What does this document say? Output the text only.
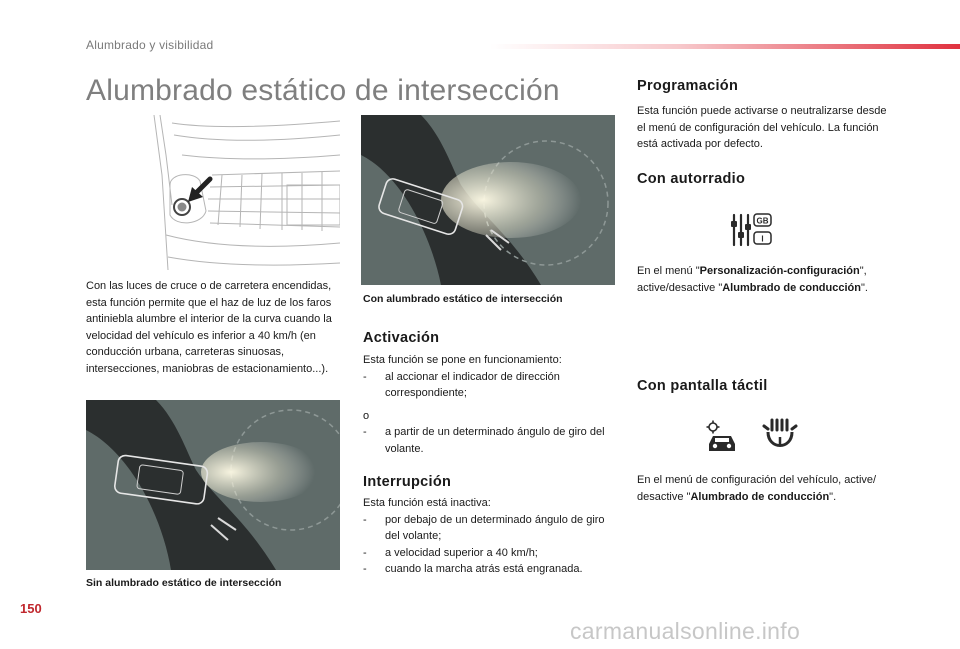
Alumbrado y visibilidad
Alumbrado estático de intersección
Con las luces de cruce o de carretera encendidas, esta función permite que el haz de luz de los faros antiniebla alumbre el interior de la curva cuando la velocidad del vehículo es inferior a 40 km/h (en conducción urbana, carreteras sinuosas, intersecciones, maniobras de estacionamiento...).
Con alumbrado estático de intersección
Sin alumbrado estático de intersección
Activación
Esta función se pone en funcionamiento:
- al accionar el indicador de dirección correspondiente;
o
- a partir de un determinado ángulo de giro del volante.
Interrupción
Esta función está inactiva:
- por debajo de un determinado ángulo de giro del volante;
- a velocidad superior a 40 km/h;
- cuando la marcha atrás está engranada.
Programación
Esta función puede activarse o neutralizarse desde el menú de configuración del vehículo. La función está activada por defecto.
Con autorradio
GB
I
En el menú "Personalización-configuración", active/desactive "Alumbrado de conducción".
Con pantalla táctil
En el menú de configuración del vehículo, active/ desactive "Alumbrado de conducción".
150
carmanualsonline.info
